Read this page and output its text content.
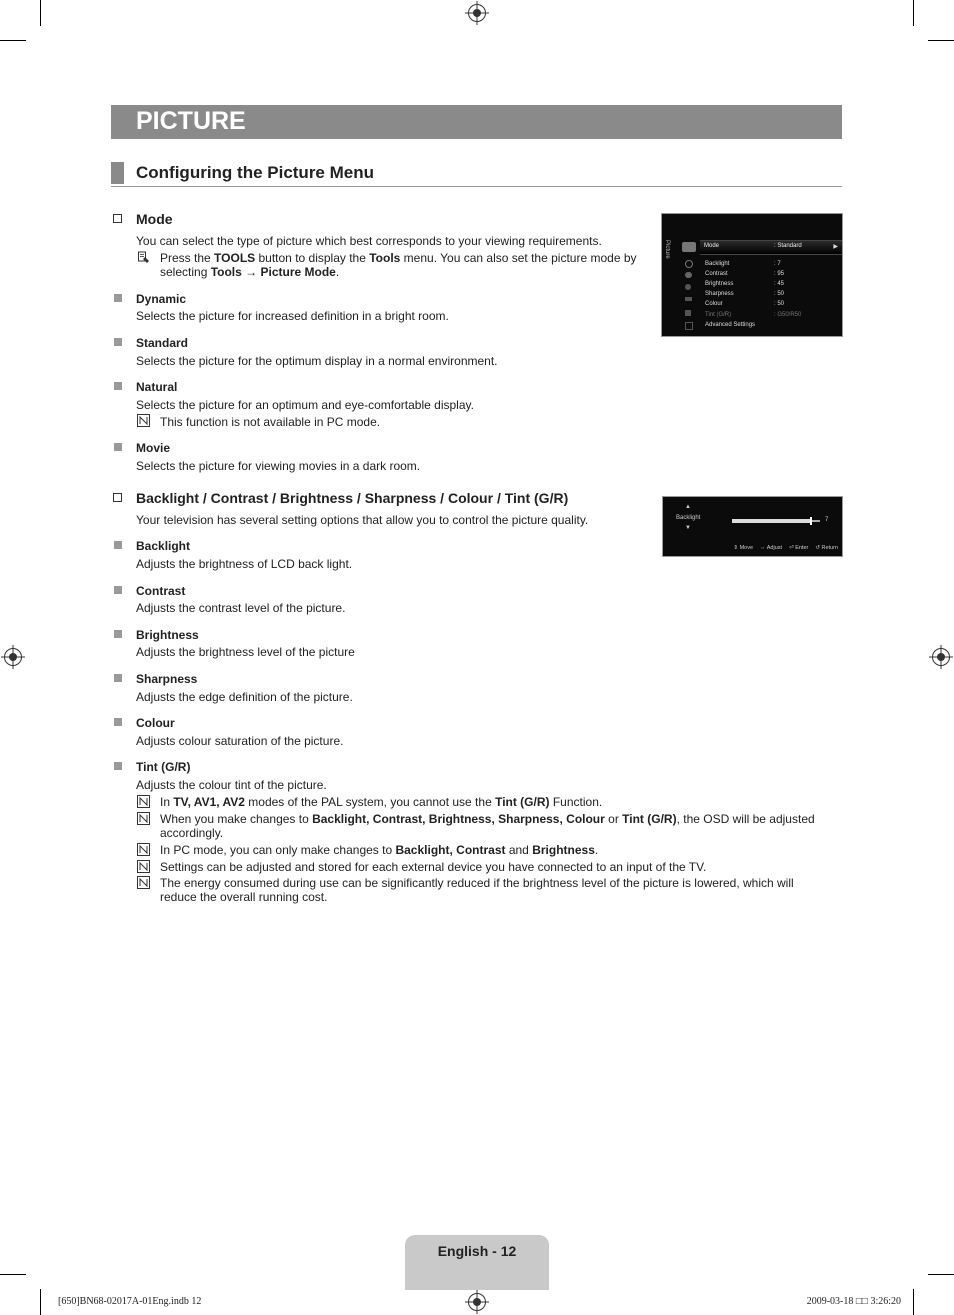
PICTURE
Configuring the Picture Menu
Mode
You can select the type of picture which best corresponds to your viewing requirements.
Press the TOOLS button to display the Tools menu. You can also set the picture mode by selecting Tools → Picture Mode.
Dynamic
Selects the picture for increased definition in a bright room.
Standard
Selects the picture for the optimum display in a normal environment.
Natural
Selects the picture for an optimum and eye-comfortable display.
This function is not available in PC mode.
Movie
Selects the picture for viewing movies in a dark room.
Backlight / Contrast / Brightness / Sharpness / Colour / Tint (G/R)
Your television has several setting options that allow you to control the picture quality.
Backlight
Adjusts the brightness of LCD back light.
Contrast
Adjusts the contrast level of the picture.
Brightness
Adjusts the brightness level of the picture
Sharpness
Adjusts the edge definition of the picture.
Colour
Adjusts colour saturation of the picture.
Tint (G/R)
Adjusts the colour tint of the picture.
In TV, AV1, AV2 modes of the PAL system, you cannot use the Tint (G/R) Function.
When you make changes to Backlight, Contrast, Brightness, Sharpness, Colour or Tint (G/R), the OSD will be adjusted accordingly.
In PC mode, you can only make changes to Backlight, Contrast and Brightness.
Settings can be adjusted and stored for each external device you have connected to an input of the TV.
The energy consumed during use can be significantly reduced if the brightness level of the picture is lowered, which will reduce the overall running cost.
Picture	Mode	: Standard	▶
Backlight	: 7
Contrast	: 95
Brightness	: 45
Sharpness	: 50
Colour	: 50
Tint (G/R)	: G50/R50
Advanced Settings
▲
Backlight
▼
7
⇕ Move ⇔ Adjust ⏎ Enter ↺ Return
English - 12
[650]BN68-02017A-01Eng.indb 12	2009-03-18 □□ 3:26:20
